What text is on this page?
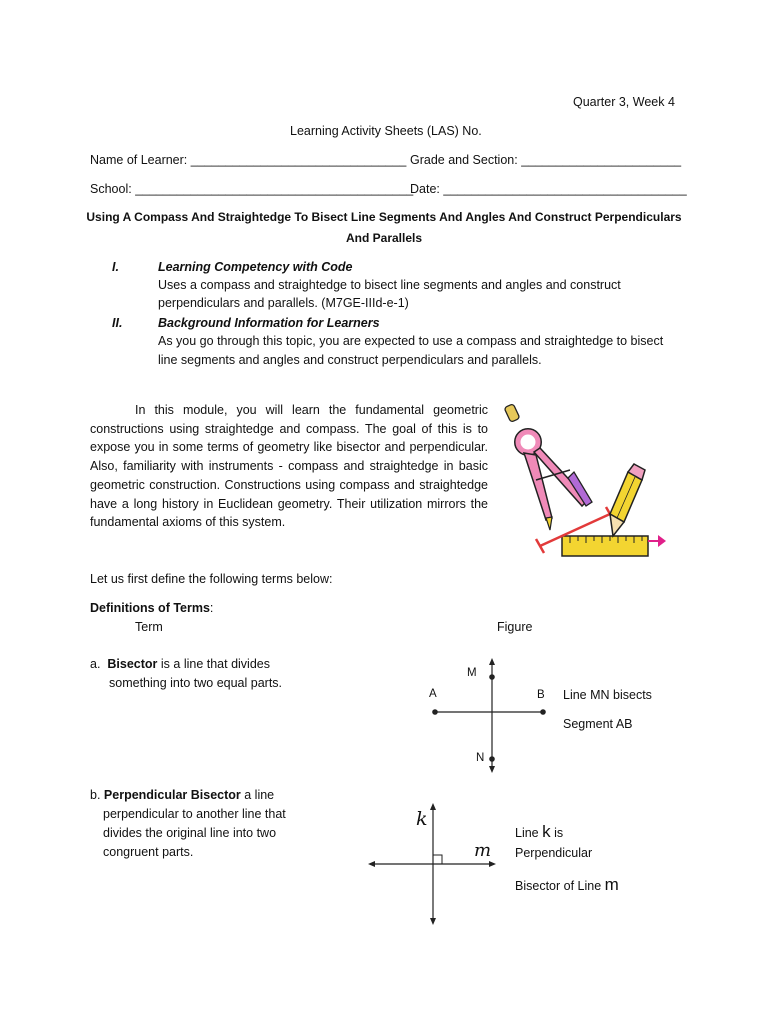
Quarter 3, Week 4
Learning Activity Sheets (LAS) No.
Name of Learner: _______________________________ Grade and Section: _______________________
School: ________________________________________
Date: ___________________________________
Using A Compass And Straightedge To Bisect Line Segments And Angles And Construct Perpendiculars
And Parallels
I.	Learning Competency with Code
Uses a compass and straightedge to bisect line segments and angles and construct
perpendiculars and parallels. (M7GE-IIId-e-1)
II.	Background Information for Learners
As you go through this topic, you are expected to use a compass and straightedge to bisect
line segments and angles and construct perpendiculars and parallels.
In this module, you will learn the fundamental geometric
constructions using straightedge and compass. The goal of this is to
expose you in some terms of geometry like bisector and perpendicular.
Also, familiarity with instruments - compass and straightedge in basic
geometric construction. Constructions using compass and straightedge
have a long history in Euclidean geometry. Their utilization mirrors the
fundamental axioms of this system.
Let us first define the following terms below:
Definitions of Terms:
Term	Figure
a. Bisector is a line that divides
something into two equal parts.
M
A	B
N
Line MN bisects
Segment AB
b. Perpendicular Bisector a line
perpendicular to another line that
divides the original line into two
congruent parts.
k
m
Line k is
Perpendicular
Bisector of Line m
